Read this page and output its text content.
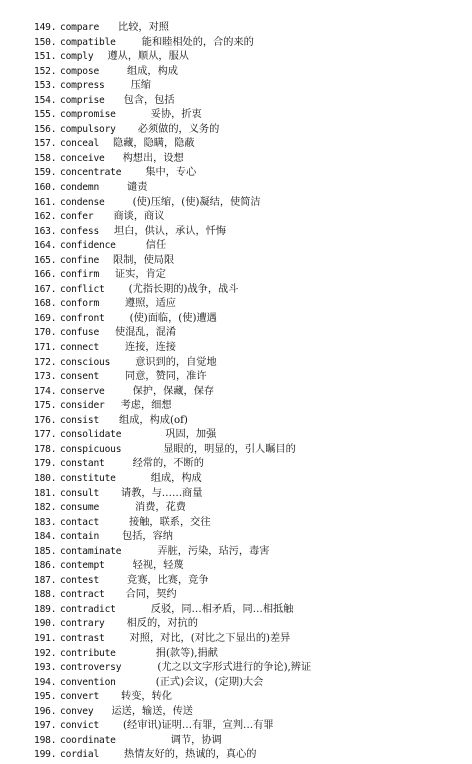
149. compare 比较，对照
150. compatible	能和睦相处的，合的来的
151. comply 遵从，顺从，服从
152. compose	组成，构成
153. compress	压缩
154. comprise 包含，包括
155. compromise	妥协，折衷
156. compulsory 必须做的，义务的
157. conceal 隐藏，隐瞒，隐蔽
158. conceive 构想出，设想
159. concentrate 集中，专心
160. condemn	谴责
161. condense	(使)压缩，(使)凝结，使简洁
162. confer 商谈，商议
163. confess 坦白，供认，承认，忏悔
164. confidence	信任
165. confine 限制，使局限
166. confirm 证实，肯定
167. conflict (尤指长期的)战争，战斗
168. conform	遵照，适应
169. confront (使)面临，(使)遭遇
170. confuse 使混乱，混淆
171. connect	连接，连接
172. conscious 意识到的，自觉地
173. consent	同意，赞同，准许
174. conserve	保护，保藏，保存
175. consider 考虑，细想
176. consist 组成，构成(of)
177. consolidate	巩固，加强
178. conspicuous	显眼的，明显的，引人瞩目的
179. constant	经常的，不断的
180. constitute	组成，构成
181. consult 请教，与……商量
182. consume	消费，花费
183. contact	接触，联系，交往
184. contain 包括，容纳
185. contaminate	弄脏，污染，玷污，毒害
186. contempt	轻视，轻蔑
187. contest	竞赛，比赛，竞争
188. contract 合同，契约
189. contradict	反驳，同…相矛盾，同…相抵触
190. contrary 相反的，对抗的
191. contrast 对照，对比，(对比之下显出的)差异
192. contribute	捐(款等),捐献
193. controversy	(尤之以文字形式进行的争论),辨证
194. convention	(正式)会议，(定期)大会
195. convert 转变，转化
196. convey 运送，输送，传送
197. convict (经审讯)证明…有罪，宣判…有罪
198. coordinate	调节，协调
199. cordial 热情友好的，热诚的，真心的
